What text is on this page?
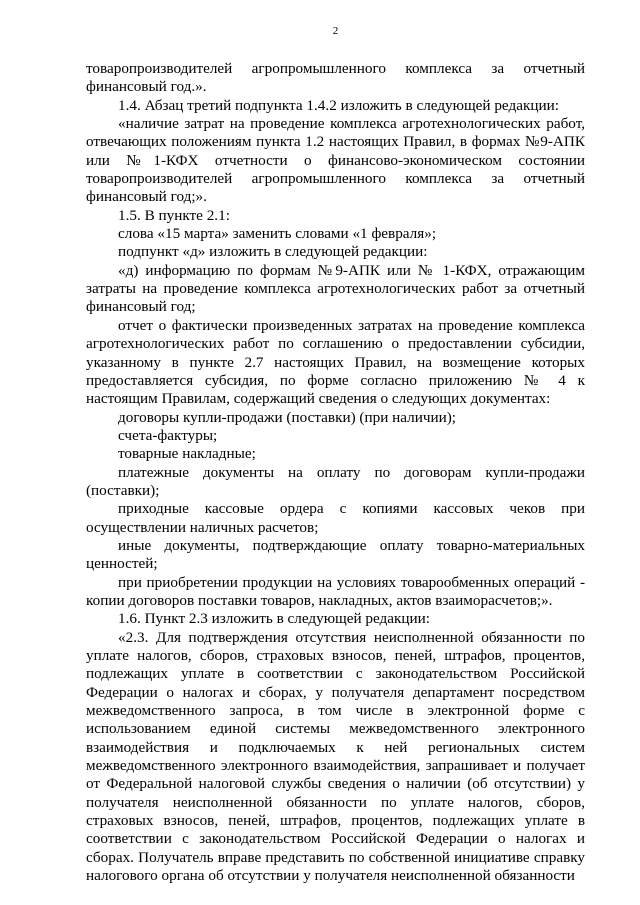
2

товаропроизводителей агропромышленного комплекса за отчетный финансовый год.».

1.4. Абзац третий подпункта 1.4.2 изложить в следующей редакции:

«наличие затрат на проведение комплекса агротехнологических работ, отвечающих положениям пункта 1.2 настоящих Правил, в формах №9-АПК или №1-КФХ отчетности о финансово-экономическом состоянии товаропроизводителей агропромышленного комплекса за отчетный финансовый год;».

1.5. В пункте 2.1:

слова «15 марта» заменить словами «1 февраля»;

подпункт «д» изложить в следующей редакции:

«д) информацию по формам №9-АПК или № 1-КФХ, отражающим затраты на проведение комплекса агротехнологических работ за отчетный финансовый год;

отчет о фактически произведенных затратах на проведение комплекса агротехнологических работ по соглашению о предоставлении субсидии, указанному в пункте 2.7 настоящих Правил, на возмещение которых предоставляется субсидия, по форме согласно приложению № 4 к настоящим Правилам, содержащий сведения о следующих документах:

договоры купли-продажи (поставки) (при наличии);

счета-фактуры;

товарные накладные;

платежные документы на оплату по договорам купли-продажи (поставки);

приходные кассовые ордера с копиями кассовых чеков при осуществлении наличных расчетов;

иные документы, подтверждающие оплату товарно-материальных ценностей;

при приобретении продукции на условиях товарообменных операций - копии договоров поставки товаров, накладных, актов взаиморасчетов;».

1.6. Пункт 2.3 изложить в следующей редакции:

«2.3. Для подтверждения отсутствия неисполненной обязанности по уплате налогов, сборов, страховых взносов, пеней, штрафов, процентов, подлежащих уплате в соответствии с законодательством Российской Федерации о налогах и сборах, у получателя департамент посредством межведомственного запроса, в том числе в электронной форме с использованием единой системы межведомственного электронного взаимодействия и подключаемых к ней региональных систем межведомственного электронного взаимодействия, запрашивает и получает от Федеральной налоговой службы сведения о наличии (об отсутствии) у получателя неисполненной обязанности по уплате налогов, сборов, страховых взносов, пеней, штрафов, процентов, подлежащих уплате в соответствии с законодательством Российской Федерации о налогах и сборах. Получатель вправе представить по собственной инициативе справку налогового органа об отсутствии у получателя неисполненной обязанности
